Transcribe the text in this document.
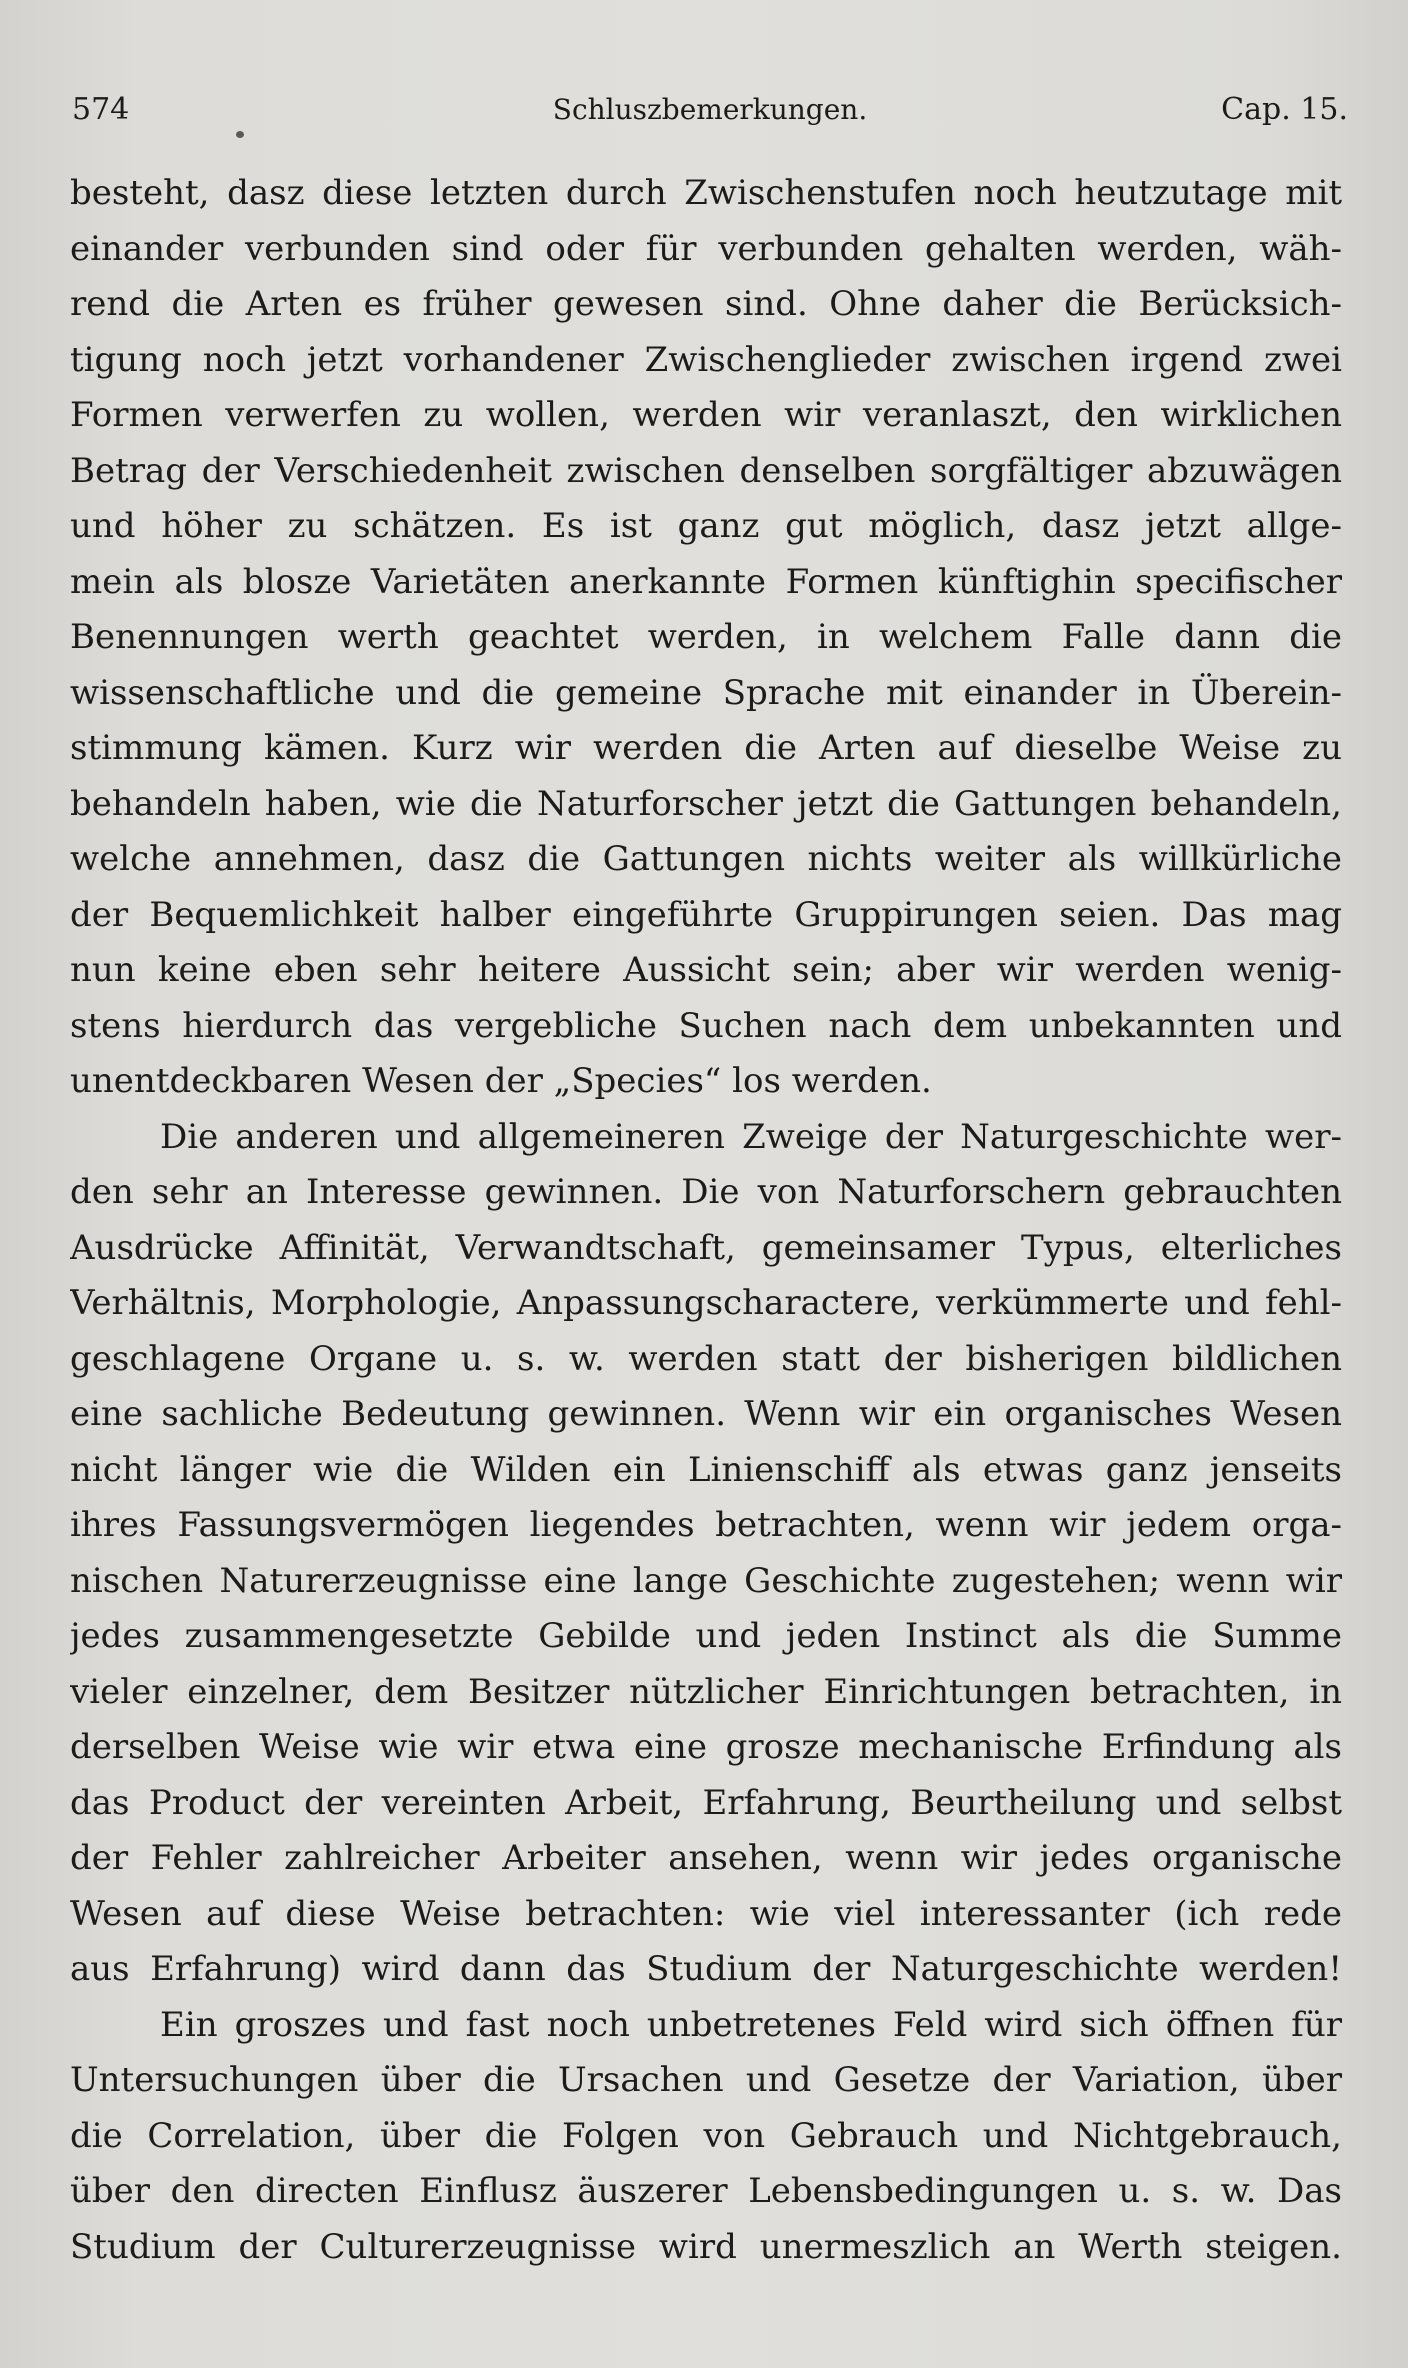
574	Schluszbemerkungen.	Cap. 15.
besteht, dasz diese letzten durch Zwischenstufen noch heutzutage mit
einander verbunden sind oder für verbunden gehalten werden, wäh-
rend die Arten es früher gewesen sind. Ohne daher die Berücksich-
tigung noch jetzt vorhandener Zwischenglieder zwischen irgend zwei
Formen verwerfen zu wollen, werden wir veranlaszt, den wirklichen
Betrag der Verschiedenheit zwischen denselben sorgfältiger abzuwägen
und höher zu schätzen. Es ist ganz gut möglich, dasz jetzt allge-
mein als blosze Varietäten anerkannte Formen künftighin specifischer
Benennungen werth geachtet werden, in welchem Falle dann die
wissenschaftliche und die gemeine Sprache mit einander in Überein-
stimmung kämen. Kurz wir werden die Arten auf dieselbe Weise zu
behandeln haben, wie die Naturforscher jetzt die Gattungen behandeln,
welche annehmen, dasz die Gattungen nichts weiter als willkürliche
der Bequemlichkeit halber eingeführte Gruppirungen seien. Das mag
nun keine eben sehr heitere Aussicht sein; aber wir werden wenig-
stens hierdurch das vergebliche Suchen nach dem unbekannten und
unentdeckbaren Wesen der „Species“ los werden.
Die anderen und allgemeineren Zweige der Naturgeschichte wer-
den sehr an Interesse gewinnen. Die von Naturforschern gebrauchten
Ausdrücke Affinität, Verwandtschaft, gemeinsamer Typus, elterliches
Verhältnis, Morphologie, Anpassungscharactere, verkümmerte und fehl-
geschlagene Organe u. s. w. werden statt der bisherigen bildlichen
eine sachliche Bedeutung gewinnen. Wenn wir ein organisches Wesen
nicht länger wie die Wilden ein Linienschiff als etwas ganz jenseits
ihres Fassungsvermögen liegendes betrachten, wenn wir jedem orga-
nischen Naturerzeugnisse eine lange Geschichte zugestehen; wenn wir
jedes zusammengesetzte Gebilde und jeden Instinct als die Summe
vieler einzelner, dem Besitzer nützlicher Einrichtungen betrachten, in
derselben Weise wie wir etwa eine grosze mechanische Erfindung als
das Product der vereinten Arbeit, Erfahrung, Beurtheilung und selbst
der Fehler zahlreicher Arbeiter ansehen, wenn wir jedes organische
Wesen auf diese Weise betrachten: wie viel interessanter (ich rede
aus Erfahrung) wird dann das Studium der Naturgeschichte werden!
Ein groszes und fast noch unbetretenes Feld wird sich öffnen für
Untersuchungen über die Ursachen und Gesetze der Variation, über
die Correlation, über die Folgen von Gebrauch und Nichtgebrauch,
über den directen Einflusz äuszerer Lebensbedingungen u. s. w. Das
Studium der Culturerzeugnisse wird unermeszlich an Werth steigen.
